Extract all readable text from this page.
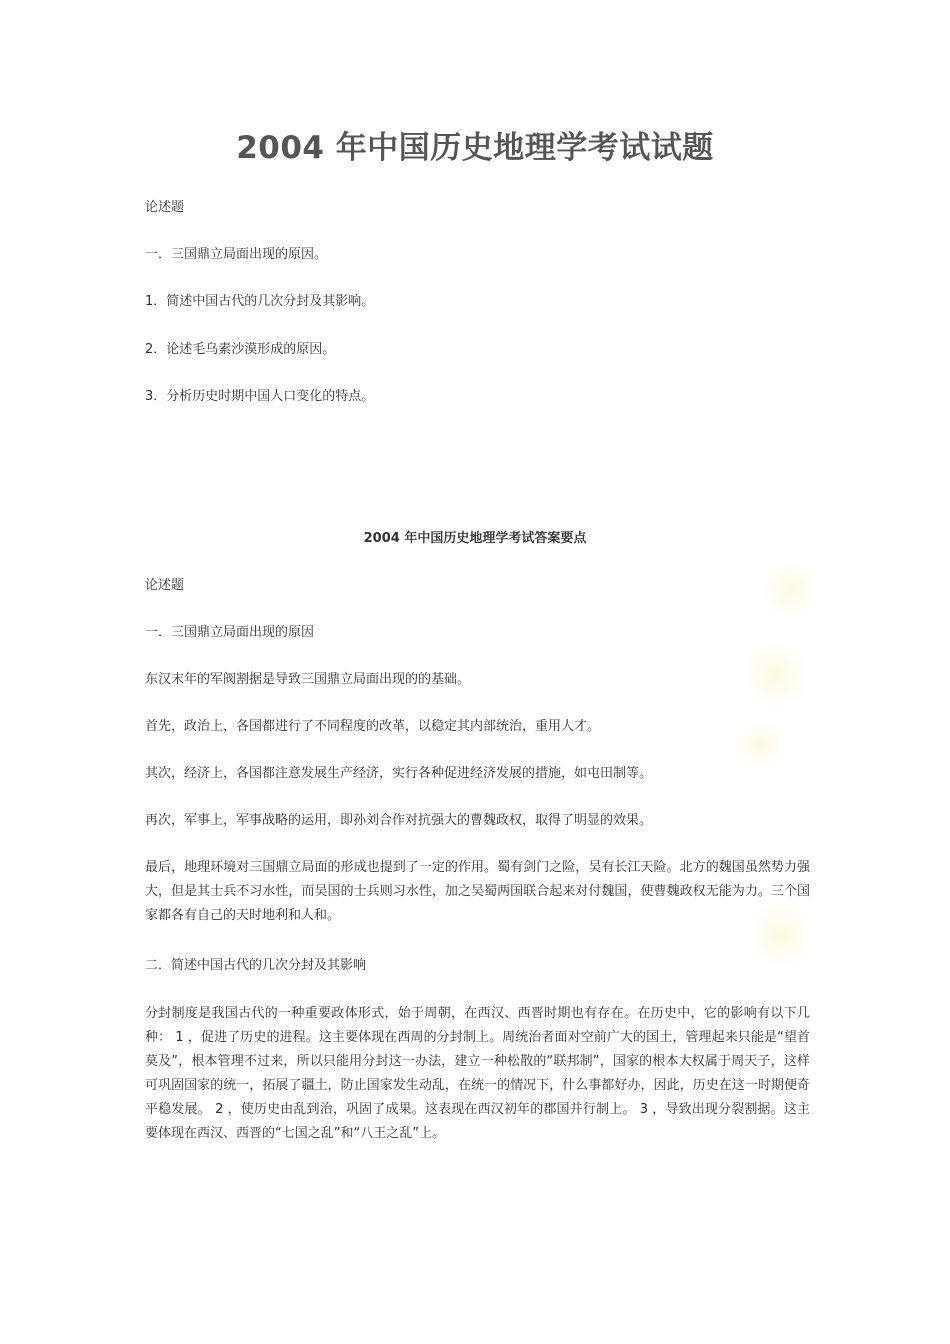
2004 年中国历史地理学考试试题

论述题

一．三国鼎立局面出现的原因。

1．简述中国古代的几次分封及其影响。

2．论述毛乌素沙漠形成的原因。

3．分析历史时期中国人口变化的特点。

2004 年中国历史地理学考试答案要点

论述题

一．三国鼎立局面出现的原因

东汉末年的军阀割据是导致三国鼎立局面出现的的基础。

首先，政治上，各国都进行了不同程度的改革，以稳定其内部统治，重用人才。

其次，经济上，各国都注意发展生产经济，实行各种促进经济发展的措施，如屯田制等。

再次，军事上，军事战略的运用，即孙刘合作对抗强大的曹魏政权，取得了明显的效果。

最后，地理环境对三国鼎立局面的形成也提到了一定的作用。蜀有剑门之险，吴有长江天险。北方的魏国虽然势力强大，但是其士兵不习水性，而吴国的士兵则习水性，加之吴蜀两国联合起来对付魏国，使曹魏政权无能为力。三个国家都各有自己的天时地利和人和。

二．简述中国古代的几次分封及其影响

分封制度是我国古代的一种重要政体形式，始于周朝，在西汉、西晋时期也有存在。在历史中，它的影响有以下几种： 1 ，促进了历史的进程。这主要体现在西周的分封制上。周统治者面对空前广大的国土，管理起来只能是“望首莫及”，根本管理不过来，所以只能用分封这一办法，建立一种松散的“联邦制”，国家的根本大权属于周天子，这样可巩固国家的统一，拓展了疆土，防止国家发生动乱，在统一的情况下，什么事都好办，因此，历史在这一时期便奇平稳发展。 2 ，使历史由乱到治，巩固了成果。这表现在西汉初年的郡国并行制上。 3 ，导致出现分裂割据。这主要体现在西汉、西晋的“七国之乱”和“八王之乱”上。
